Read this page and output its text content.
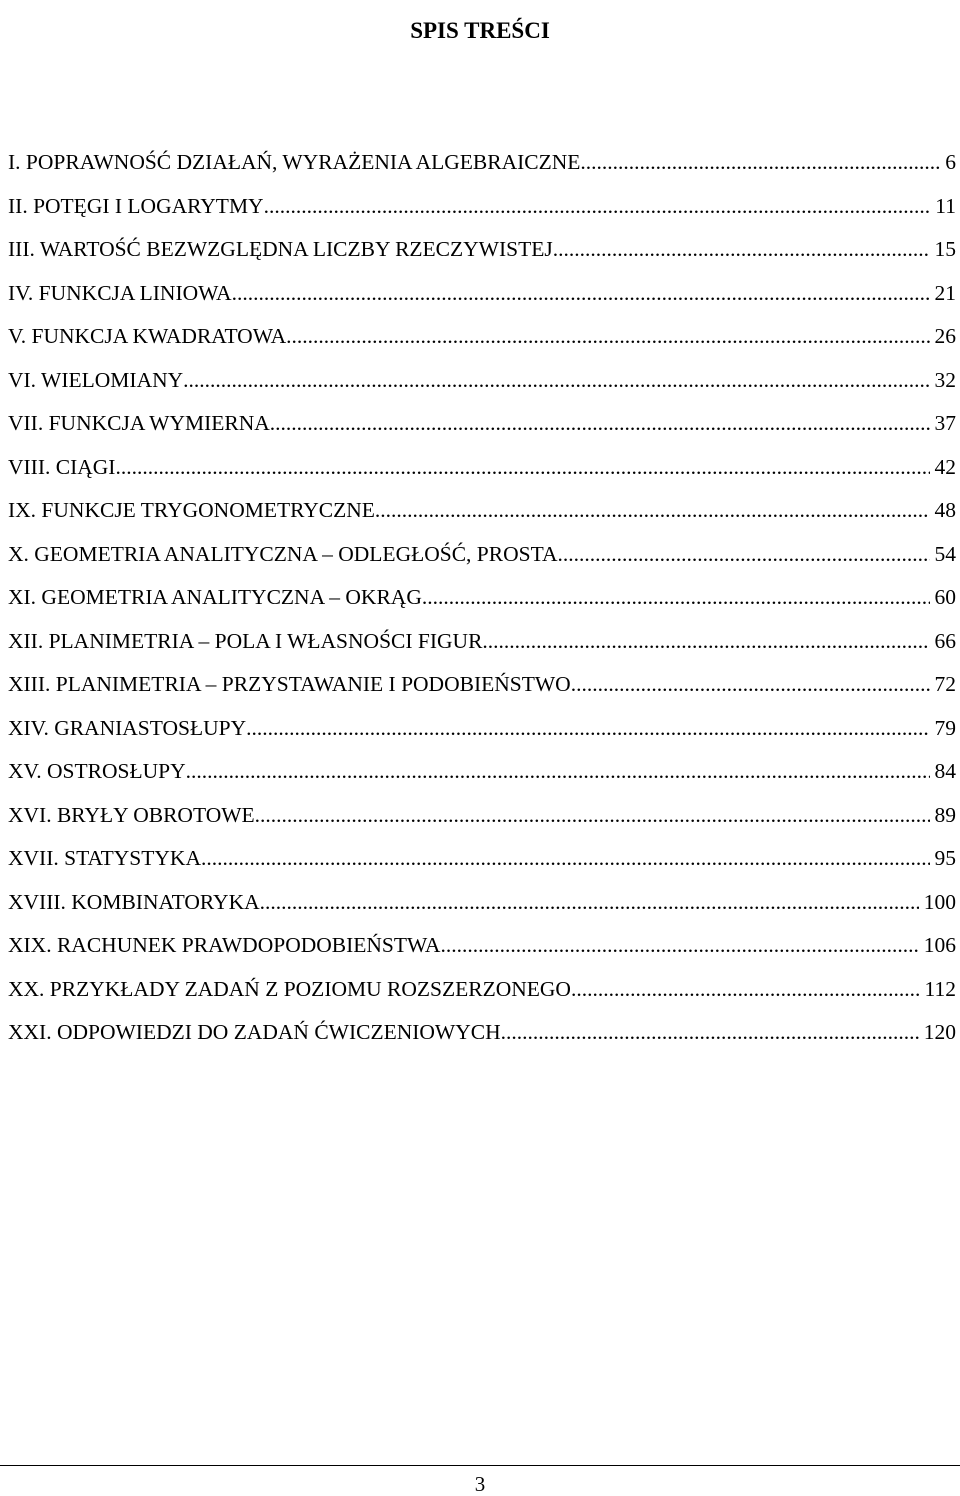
SPIS TREŚCI
I. POPRAWNOŚĆ DZIAŁAŃ, WYRAŻENIA ALGEBRAICZNE .....	6
II. POTĘGI I LOGARYTMY .....	11
III. WARTOŚĆ BEZWZGLĘDNA LICZBY RZECZYWISTEJ .....	15
IV. FUNKCJA LINIOWA .....	21
V. FUNKCJA KWADRATOWA .....	26
VI. WIELOMIANY .....	32
VII. FUNKCJA WYMIERNA .....	37
VIII. CIĄGI .....	42
IX. FUNKCJE TRYGONOMETRYCZNE .....	48
X. GEOMETRIA ANALITYCZNA – ODLEGŁOŚĆ, PROSTA .....	54
XI. GEOMETRIA ANALITYCZNA – OKRĄG .....	60
XII. PLANIMETRIA – POLA I WŁASNOŚCI FIGUR .....	66
XIII. PLANIMETRIA – PRZYSTAWANIE I PODOBIEŃSTWO .....	72
XIV. GRANIASTOSŁUPY .....	79
XV. OSTROSŁUPY .....	84
XVI. BRYŁY OBROTOWE .....	89
XVII. STATYSTYKA .....	95
XVIII. KOMBINATORYKA .....	100
XIX. RACHUNEK PRAWDOPODOBIEŃSTWA .....	106
XX. PRZYKŁADY ZADAŃ Z POZIOMU ROZSZERZONEGO .....	112
XXI. ODPOWIEDZI DO ZADAŃ ĆWICZENIOWYCH .....	120
3
